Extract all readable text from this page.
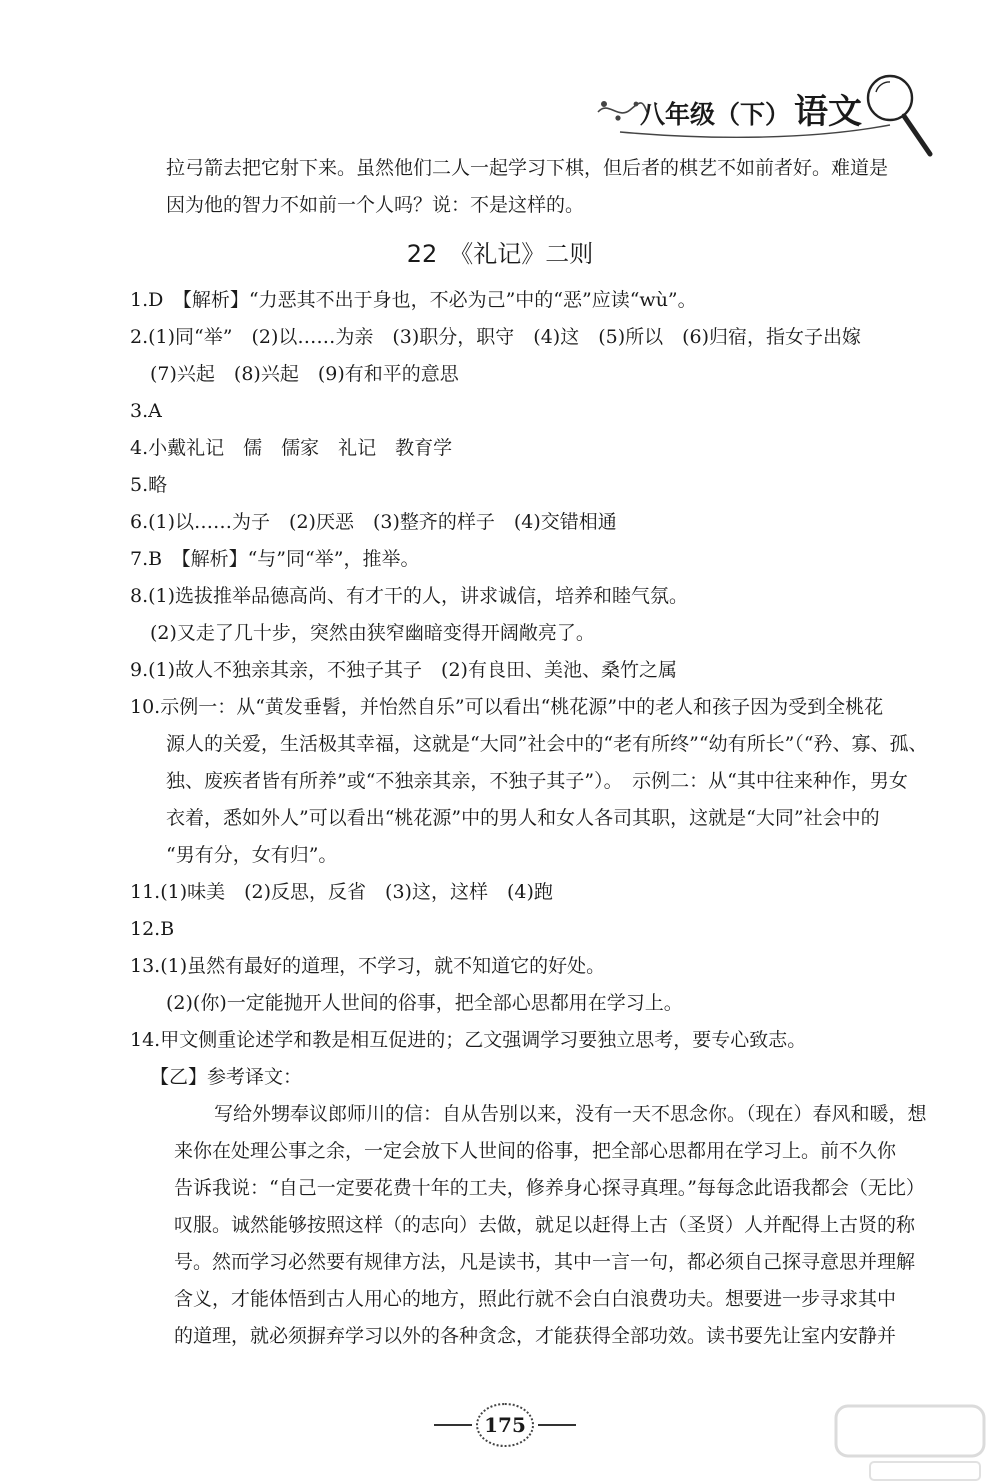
八年级（下） 语文
拉弓箭去把它射下来。虽然他们二人一起学习下棋，但后者的棋艺不如前者好。难道是
因为他的智力不如前一个人吗？说：不是这样的。
22　《礼记》二则
1.D　【解析】“力恶其不出于身也，不必为己”中的“恶”应读“wù”。
2.(1)同“举”　(2)以……为亲　(3)职分，职守　(4)这　(5)所以　(6)归宿，指女子出嫁
(7)兴起　(8)兴起　(9)有和平的意思
3.A
4.小戴礼记　儒　儒家　礼记　教育学
5.略
6.(1)以……为子　(2)厌恶　(3)整齐的样子　(4)交错相通
7.B　【解析】“与”同“举”，推举。
8.(1)选拔推举品德高尚、有才干的人，讲求诚信，培养和睦气氛。
(2)又走了几十步，突然由狭窄幽暗变得开阔敞亮了。
9.(1)故人不独亲其亲，不独子其子　(2)有良田、美池、桑竹之属
10.示例一：从“黄发垂髫，并怡然自乐”可以看出“桃花源”中的老人和孩子因为受到全桃花
源人的关爱，生活极其幸福，这就是“大同”社会中的“老有所终”“幼有所长”（“矜、寡、孤、
独、废疾者皆有所养”或“不独亲其亲，不独子其子”）。　示例二：从“其中往来种作，男女
衣着，悉如外人”可以看出“桃花源”中的男人和女人各司其职，这就是“大同”社会中的
“男有分，女有归”。
11.(1)味美　(2)反思，反省　(3)这，这样　(4)跑
12.B
13.(1)虽然有最好的道理，不学习，就不知道它的好处。
(2)(你)一定能抛开人世间的俗事，把全部心思都用在学习上。
14.甲文侧重论述学和教是相互促进的；乙文强调学习要独立思考，要专心致志。
【乙】参考译文：
写给外甥奉议郎师川的信：自从告别以来，没有一天不思念你。（现在）春风和暖，想
来你在处理公事之余，一定会放下人世间的俗事，把全部心思都用在学习上。前不久你
告诉我说：“自己一定要花费十年的工夫，修养身心探寻真理。”每每念此语我都会（无比）
叹服。诚然能够按照这样（的志向）去做，就足以赶得上古（圣贤）人并配得上古贤的称
号。然而学习必然要有规律方法，凡是读书，其中一言一句，都必须自己探寻意思并理解
含义，才能体悟到古人用心的地方，照此行就不会白白浪费功夫。想要进一步寻求其中
的道理，就必须摒弃学习以外的各种贪念，才能获得全部功效。读书要先让室内安静并
175
